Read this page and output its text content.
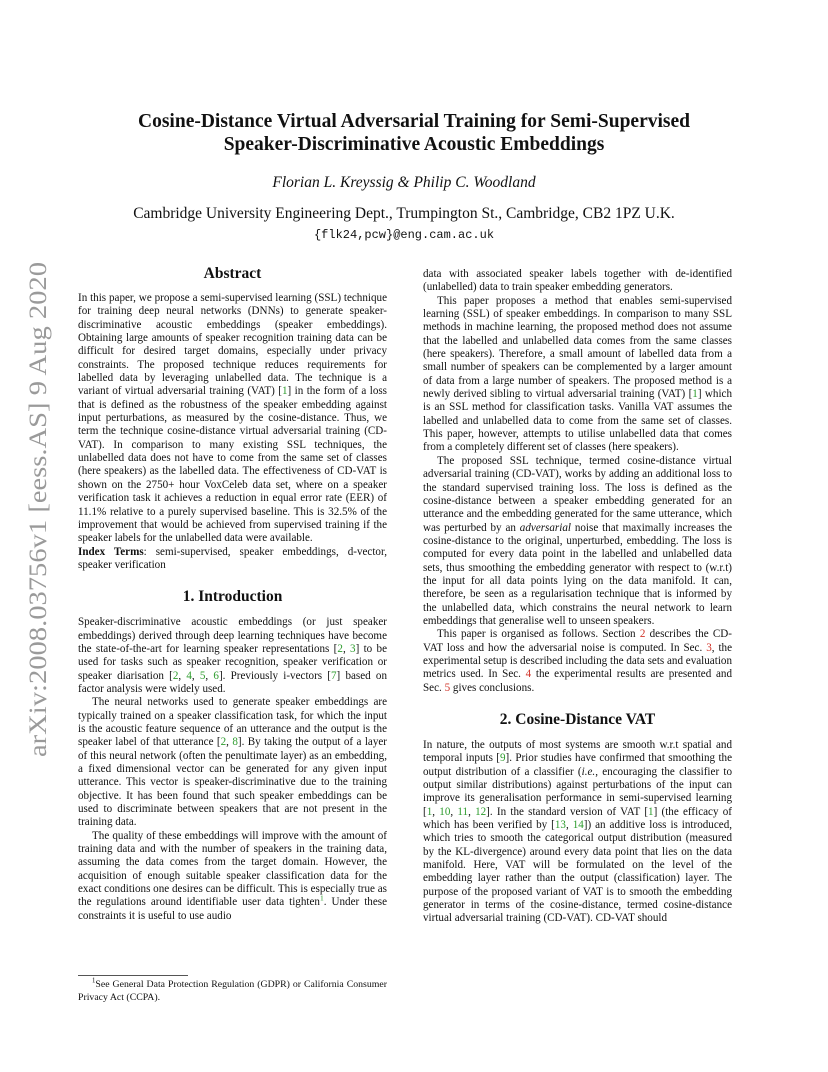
Cosine-Distance Virtual Adversarial Training for Semi-Supervised
Speaker-Discriminative Acoustic Embeddings
Florian L. Kreyssig & Philip C. Woodland
Cambridge University Engineering Dept., Trumpington St., Cambridge, CB2 1PZ U.K.
{flk24,pcw}@eng.cam.ac.uk
arXiv:2008.03756v1 [eess.AS] 9 Aug 2020
Abstract

In this paper, we propose a semi-supervised learning (SSL) technique for training deep neural networks (DNNs) to generate speaker-discriminative acoustic embeddings (speaker embeddings). Obtaining large amounts of speaker recognition training data can be difficult for desired target domains, especially under privacy constraints. The proposed technique reduces requirements for labelled data by leveraging unlabelled data. The technique is a variant of virtual adversarial training (VAT) [1] in the form of a loss that is defined as the robustness of the speaker embedding against input perturbations, as measured by the cosine-distance. Thus, we term the technique cosine-distance virtual adversarial training (CD-VAT). In comparison to many existing SSL techniques, the unlabelled data does not have to come from the same set of classes (here speakers) as the labelled data. The effectiveness of CD-VAT is shown on the 2750+ hour VoxCeleb data set, where on a speaker verification task it achieves a reduction in equal error rate (EER) of 11.1% relative to a purely supervised baseline. This is 32.5% of the improvement that would be achieved from supervised training if the speaker labels for the unlabelled data were available.

Index Terms: semi-supervised, speaker embeddings, d-vector, speaker verification

1. Introduction

Speaker-discriminative acoustic embeddings (or just speaker embeddings) derived through deep learning techniques have become the state-of-the-art for learning speaker representations [2, 3] to be used for tasks such as speaker recognition, speaker verification or speaker diarisation [2, 4, 5, 6]. Previously i-vectors [7] based on factor analysis were widely used.

The neural networks used to generate speaker embeddings are typically trained on a speaker classification task, for which the input is the acoustic feature sequence of an utterance and the output is the speaker label of that utterance [2, 8]. By taking the output of a layer of this neural network (often the penultimate layer) as an embedding, a fixed dimensional vector can be generated for any given input utterance. This vector is speaker-discriminative due to the training objective. It has been found that such speaker embeddings can be used to discriminate between speakers that are not present in the training data.

The quality of these embeddings will improve with the amount of training data and with the number of speakers in the training data, assuming the data comes from the target domain. However, the acquisition of enough suitable speaker classification data for the exact conditions one desires can be difficult. This is especially true as the regulations around identifiable user data tighten$^1$. Under these constraints it is useful to use audio

$^1$See General Data Protection Regulation (GDPR) or California Consumer Privacy Act (CCPA).

data with associated speaker labels together with de-identified (unlabelled) data to train speaker embedding generators.

This paper proposes a method that enables semi-supervised learning (SSL) of speaker embeddings. In comparison to many SSL methods in machine learning, the proposed method does not assume that the labelled and unlabelled data comes from the same classes (here speakers). Therefore, a small amount of labelled data from a small number of speakers can be complemented by a larger amount of data from a large number of speakers. The proposed method is a newly derived sibling to virtual adversarial training (VAT) [1] which is an SSL method for classification tasks. Vanilla VAT assumes the labelled and unlabelled data to come from the same set of classes. This paper, however, attempts to utilise unlabelled data that comes from a completely different set of classes (here speakers).

The proposed SSL technique, termed cosine-distance virtual adversarial training (CD-VAT), works by adding an additional loss to the standard supervised training loss. The loss is defined as the cosine-distance between a speaker embedding generated for an utterance and the embedding generated for the same utterance, which was perturbed by an adversarial noise that maximally increases the cosine-distance to the original, unperturbed, embedding. The loss is computed for every data point in the labelled and unlabelled data sets, thus smoothing the embedding generator with respect to (w.r.t) the input for all data points lying on the data manifold. It can, therefore, be seen as a regularisation technique that is informed by the unlabelled data, which constrains the neural network to learn embeddings that generalise well to unseen speakers.

This paper is organised as follows. Section 2 describes the CD-VAT loss and how the adversarial noise is computed. In Sec. 3, the experimental setup is described including the data sets and evaluation metrics used. In Sec. 4 the experimental results are presented and Sec. 5 gives conclusions.

2. Cosine-Distance VAT

In nature, the outputs of most systems are smooth w.r.t spatial and temporal inputs [9]. Prior studies have confirmed that smoothing the output distribution of a classifier (i.e., encouraging the classifier to output similar distributions) against perturbations of the input can improve its generalisation performance in semi-supervised learning [1, 10, 11, 12]. In the standard version of VAT [1] (the efficacy of which has been verified by [13, 14]) an additive loss is introduced, which tries to smooth the categorical output distribution (measured by the KL-divergence) around every data point that lies on the data manifold. Here, VAT will be formulated on the level of the embedding layer rather than the output (classification) layer. The purpose of the proposed variant of VAT is to smooth the embedding generator in terms of the cosine-distance, termed cosine-distance virtual adversarial training (CD-VAT). CD-VAT should
